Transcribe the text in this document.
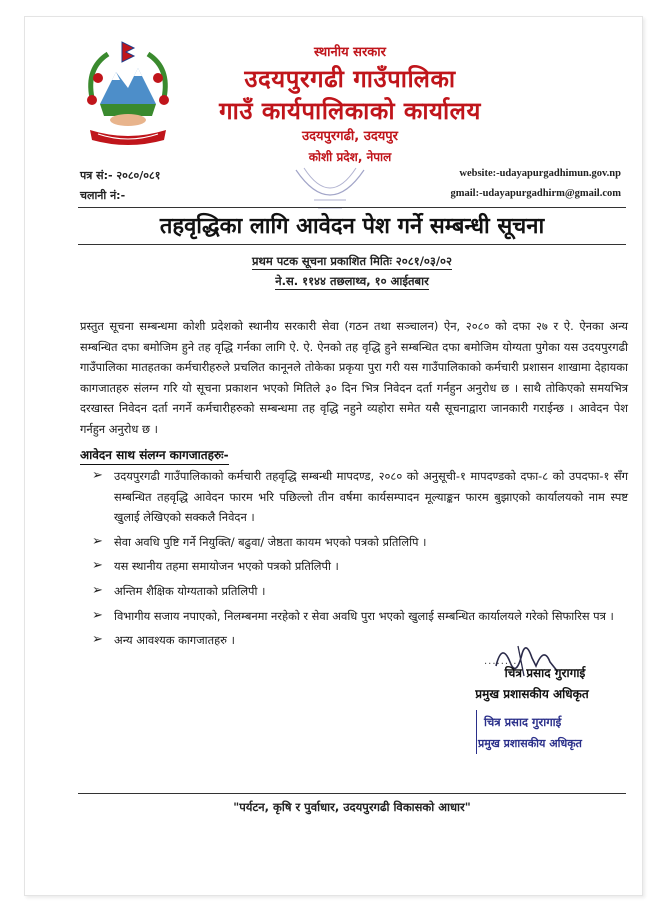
स्थानीय सरकार
उदयपुरगढी गाउँपालिका
गाउँ कार्यपालिकाको कार्यालय
उदयपुरगढी, उदयपुर
कोशी प्रदेश, नेपाल
पत्र सं:- २०८०/०८१
चलानी नं:-
website:-udayapurgadhimun.gov.np
gmail:-udayapurgadhirm@gmail.com
तहवृद्धिका लागि आवेदन पेश गर्ने सम्बन्धी सूचना
प्रथम पटक सूचना प्रकाशित मितिः २०८१/०३/०२
ने.स. ११४४ तछलाथ्व, १० आईतबार
प्रस्तुत सूचना सम्बन्धमा कोशी प्रदेशको स्थानीय सरकारी सेवा (गठन तथा सञ्चालन) ऐन, २०८० को दफा २७ र ऐ. ऐनका अन्य सम्बन्धित दफा बमोजिम हुने तह वृद्धि गर्नका लागि ऐ. ऐ. ऐनको तह वृद्धि हुने सम्बन्धित दफा बमोजिम योग्यता पुगेका यस उदयपुरगढी गाउँपालिका मातहतका कर्मचारीहरुले प्रचलित कानूनले तोकेका प्रकृया पुरा गरी यस गाउँपालिकाको कर्मचारी प्रशासन शाखामा देहायका कागजातहरु संलग्न गरि यो सूचना प्रकाशन भएको मितिले ३० दिन भित्र निवेदन दर्ता गर्नहुन अनुरोध छ । साथै तोकिएको समयभित्र दरखास्त निवेदन दर्ता नगर्ने कर्मचारीहरुको सम्बन्धमा तह वृद्धि नहुने व्यहोरा समेत यसै सूचनाद्वारा जानकारी गराईन्छ । आवेदन पेश गर्नहुन अनुरोध छ ।
आवेदन साथ संलग्न कागजातहरुः-
➢ उदयपुरगढी गाउँपालिकाको कर्मचारी तहवृद्धि सम्बन्धी मापदण्ड, २०८० को अनुसूची-१ मापदण्डको दफा-८ को उपदफा-१ सँग सम्बन्धित तहवृद्धि आवेदन फारम भरि पछिल्लो तीन वर्षमा कार्यसम्पादन मूल्याङ्कन फारम बुझाएको कार्यालयको नाम स्पष्ट खुलाई लेखिएको सक्कलै निवेदन ।
➢ सेवा अवधि पुष्टि गर्ने नियुक्ति/ बढुवा/ जेष्ठता कायम भएको पत्रको प्रतिलिपि ।
➢ यस स्थानीय तहमा समायोजन भएको पत्रको प्रतिलिपी ।
➢ अन्तिम शैक्षिक योग्यताको प्रतिलिपी ।
➢ विभागीय सजाय नपाएको, निलम्बनमा नरहेको र सेवा अवधि पुरा भएको खुलाई सम्बन्धित कार्यालयले गरेको सिफारिस पत्र ।
➢ अन्य आवश्यक कागजातहरु ।
........
चित्र प्रसाद गुरागाई
प्रमुख प्रशासकीय अधिकृत
चित्र प्रसाद गुरागाई
प्रमुख प्रशासकीय अधिकृत
"पर्यटन, कृषि र पुर्वाधार, उदयपुरगढी विकासको आधार"
